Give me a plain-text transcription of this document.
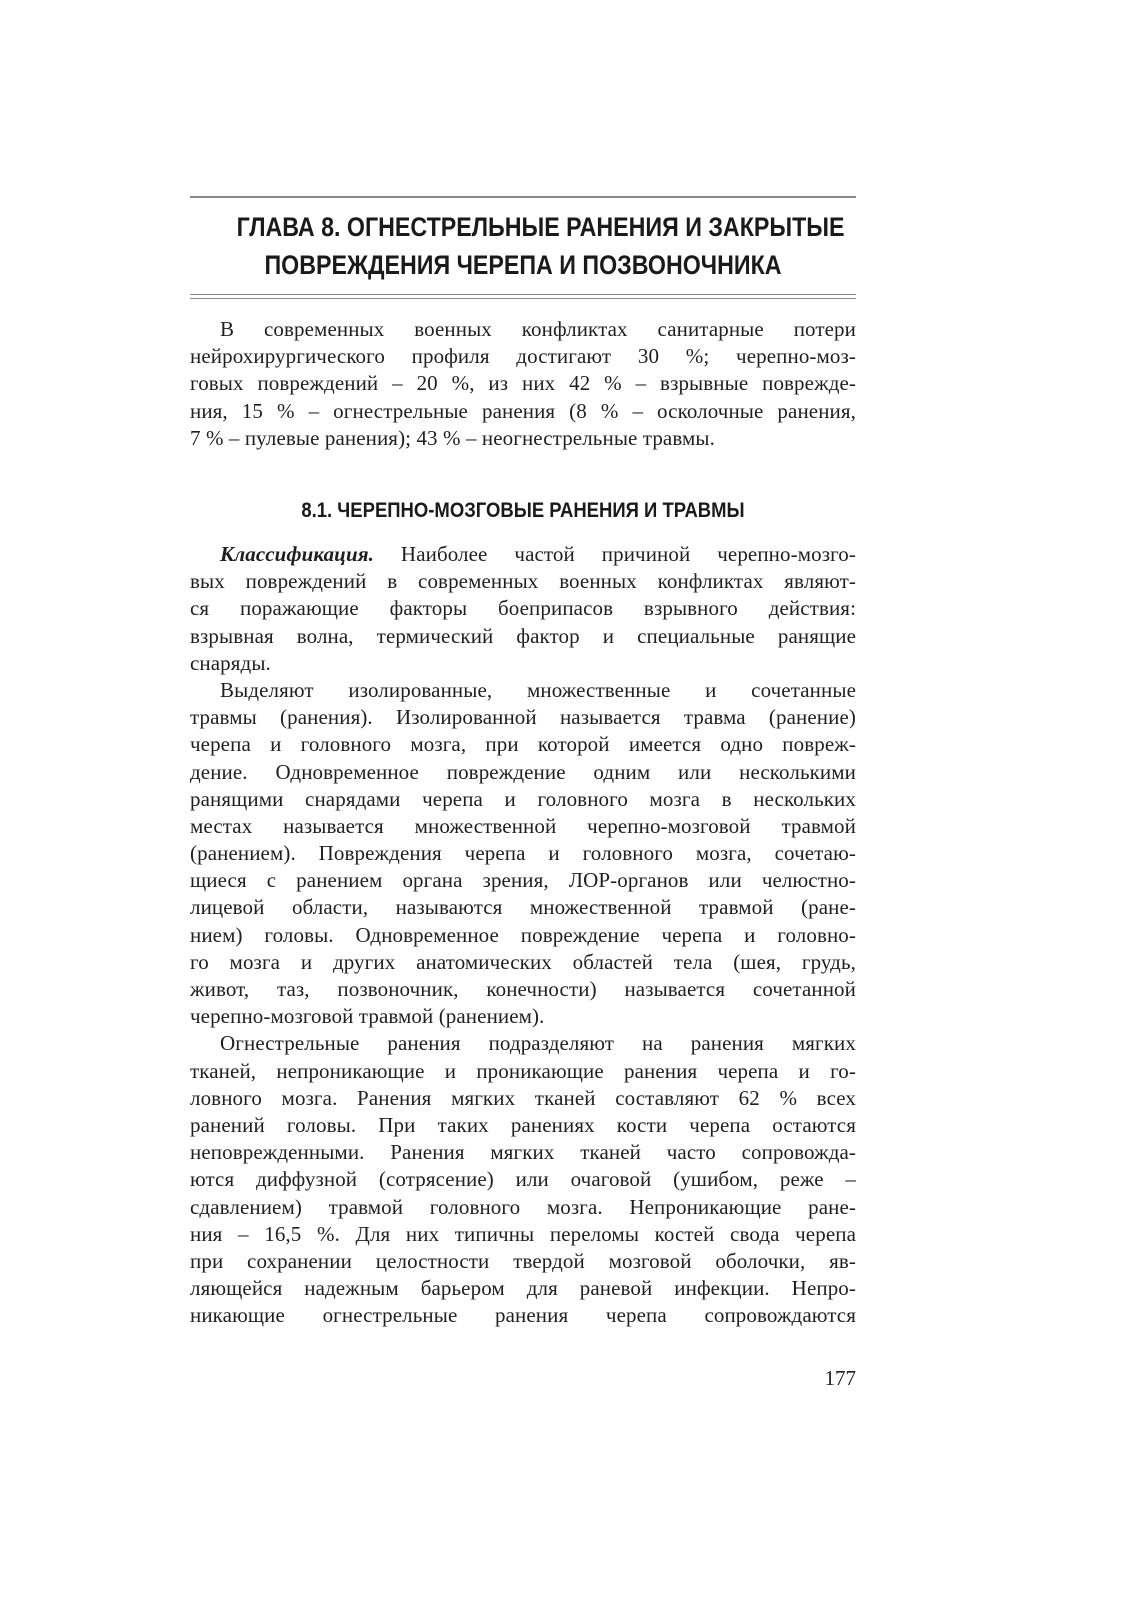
ГЛАВА 8. ОГНЕСТРЕЛЬНЫЕ РАНЕНИЯ И ЗАКРЫТЫЕ
ПОВРЕЖДЕНИЯ ЧЕРЕПА И ПОЗВОНОЧНИКА
В современных военных конфликтах санитарные потери
нейрохирургического профиля достигают 30 %; черепно-моз-
говых повреждений – 20 %, из них 42 % – взрывные поврежде-
ния, 15 % – огнестрельные ранения (8 % – осколочные ранения,
7 % – пулевые ранения); 43 % – неогнестрельные травмы.
8.1. ЧЕРЕПНО-МОЗГОВЫЕ РАНЕНИЯ И ТРАВМЫ
Классификация. Наиболее частой причиной черепно-мозго-
вых повреждений в современных военных конфликтах являют-
ся поражающие факторы боеприпасов взрывного действия:
взрывная волна, термический фактор и специальные ранящие
снаряды.
Выделяют изолированные, множественные и сочетанные
травмы (ранения). Изолированной называется травма (ранение)
черепа и головного мозга, при которой имеется одно повреж-
дение. Одновременное повреждение одним или несколькими
ранящими снарядами черепа и головного мозга в нескольких
местах называется множественной черепно-мозговой травмой
(ранением). Повреждения черепа и головного мозга, сочетаю-
щиеся с ранением органа зрения, ЛОР-органов или челюстно-
лицевой области, называются множественной травмой (ране-
нием) головы. Одновременное повреждение черепа и головно-
го мозга и других анатомических областей тела (шея, грудь,
живот, таз, позвоночник, конечности) называется сочетанной
черепно-мозговой травмой (ранением).
Огнестрельные ранения подразделяют на ранения мягких
тканей, непроникающие и проникающие ранения черепа и го-
ловного мозга. Ранения мягких тканей составляют 62 % всех
ранений головы. При таких ранениях кости черепа остаются
неповрежденными. Ранения мягких тканей часто сопровожда-
ются диффузной (сотрясение) или очаговой (ушибом, реже –
сдавлением) травмой головного мозга. Непроникающие ране-
ния – 16,5 %. Для них типичны переломы костей свода черепа
при сохранении целостности твердой мозговой оболочки, яв-
ляющейся надежным барьером для раневой инфекции. Непро-
никающие огнестрельные ранения черепа сопровождаются
177
